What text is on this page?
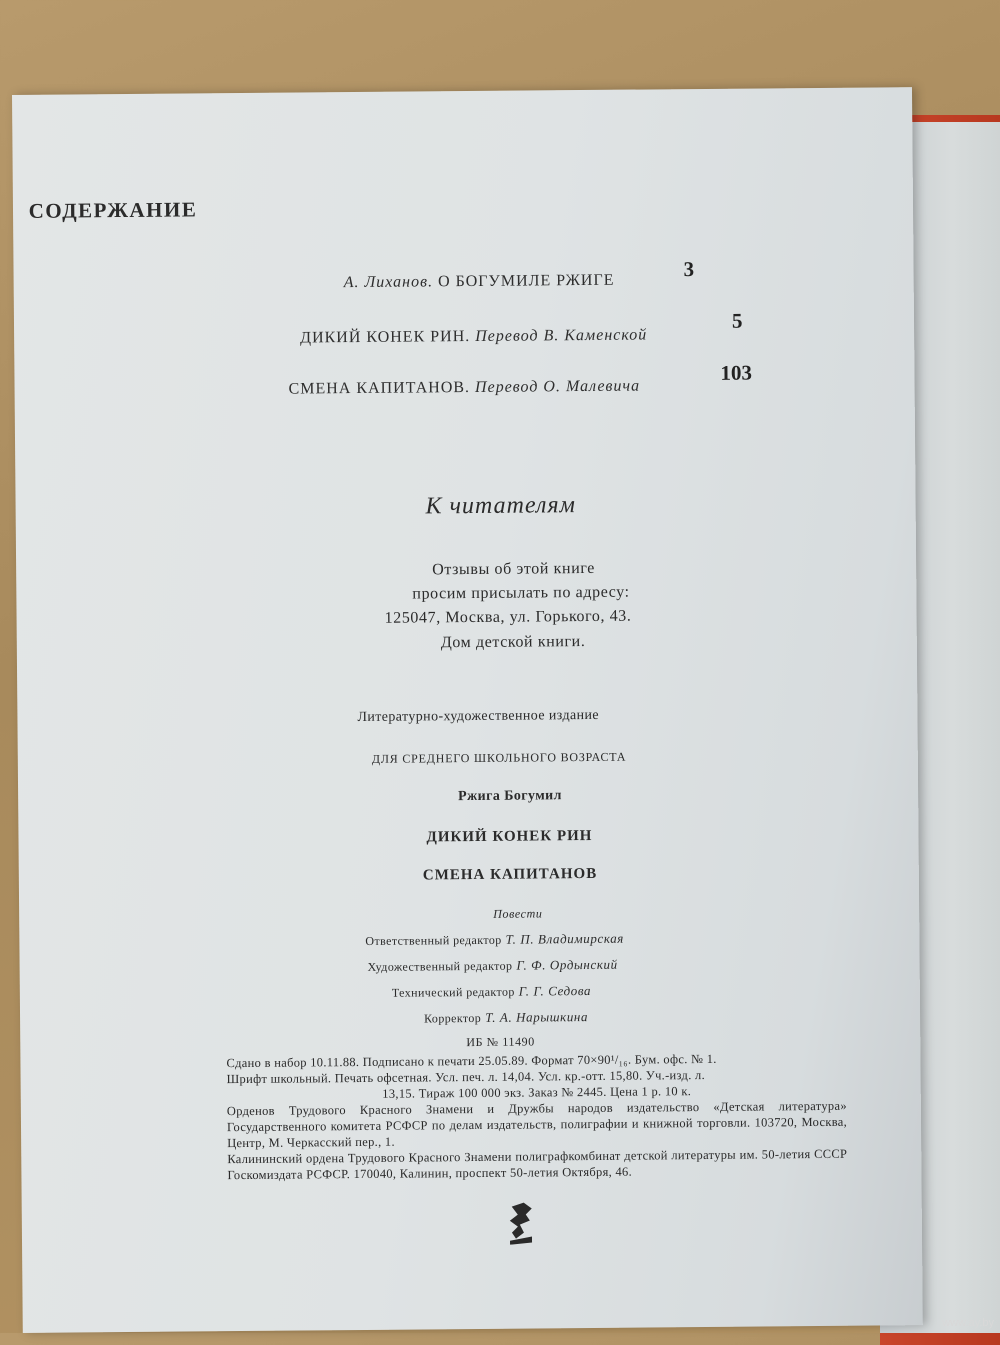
СОДЕРЖАНИЕ
А. Лиханов. О БОГУМИЛЕ РЖИГЕ	3
ДИКИЙ КОНЕК РИН. Перевод В. Каменской
5
СМЕНА КАПИТАНОВ. Перевод О. Малевича
103
К читателям
Отзывы об этой книге
просим присылать по адресу:
125047, Москва, ул. Горького, 43.
Дом детской книги.
Литературно-художественное издание
ДЛЯ СРЕДНЕГО ШКОЛЬНОГО ВОЗРАСТА
Ржига Богумил
ДИКИЙ КОНЕК РИН
СМЕНА КАПИТАНОВ
Повести
Ответственный редактор Т. П. Владимирская
Художественный редактор Г. Ф. Ордынский
Технический редактор Г. Г. Седова
Корректор Т. А. Нарышкина
ИБ № 11490

Сдано в набор 10.11.88. Подписано к печати 25.05.89. Формат 70×90¹/₁₆. Бум. офс. № 1.

Шрифт школьный. Печать офсетная. Усл. печ. л. 14,04. Усл. кр.-отт. 15,80. Уч.-изд. л.

13,15. Тираж 100 000 экз. Заказ № 2445. Цена 1 р. 10 к.

Орденов Трудового Красного Знамени и Дружбы народов издательство «Детская литература» Государственного комитета РСФСР по делам издательств, полиграфии и книжной торговли. 103720, Москва, Центр, М. Черкасский пер., 1.

Калининский ордена Трудового Красного Знамени полиграфкомбинат детской литературы им. 50-летия СССР Госкомиздата РСФСР. 170040, Калинин, проспект 50-летия Октября, 46.

www.ay.by
